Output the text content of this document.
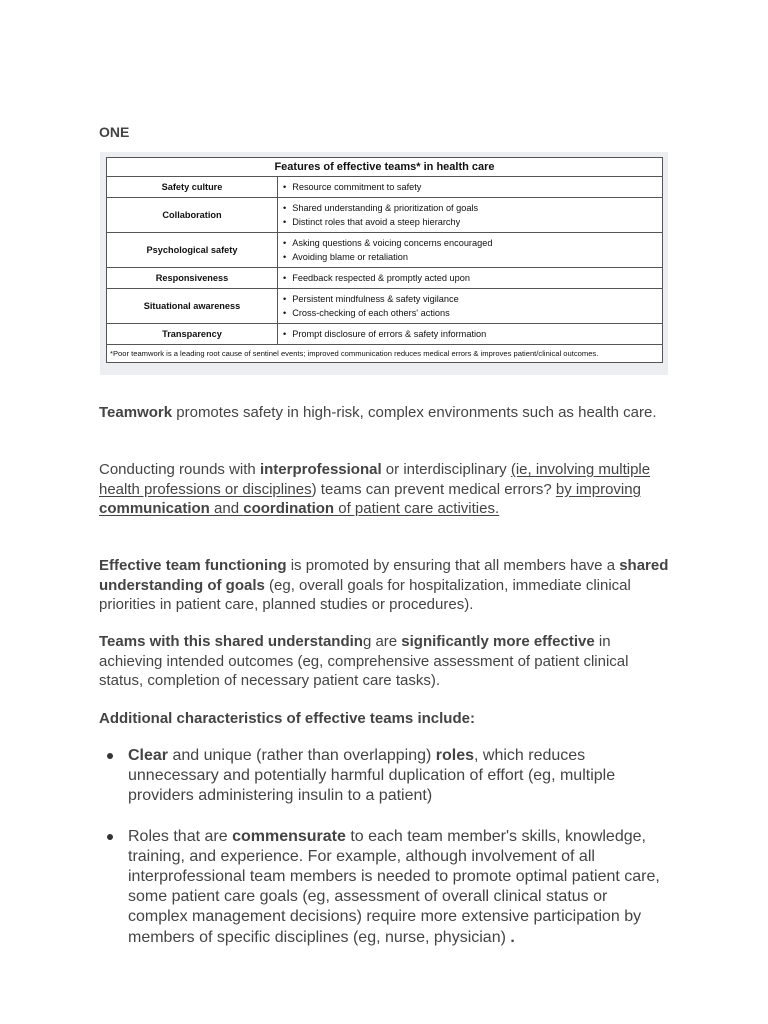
ONE
Features of effective teams* in health care	
Safety culture	• Resource commitment to safety

Collaboration	• Shared understanding & prioritization of goals
• Distinct roles that avoid a steep hierarchy

Psychological safety	• Asking questions & voicing concerns encouraged
• Avoiding blame or retaliation

Responsiveness	• Feedback respected & promptly acted upon

Situational awareness	• Persistent mindfulness & safety vigilance
• Cross-checking of each others' actions

Transparency	• Prompt disclosure of errors & safety information

*Poor teamwork is a leading root cause of sentinel events; improved communication reduces medical errors & improves patient/clinical outcomes.	
Teamwork promotes safety in high-risk, complex environments such as health care.
Conducting rounds with interprofessional or interdisciplinary (ie, involving multiple health professions or disciplines) teams can prevent medical errors? by improving communication and coordination of patient care activities.
Effective team functioning is promoted by ensuring that all members have a shared understanding of goals (eg, overall goals for hospitalization, immediate clinical priorities in patient care, planned studies or procedures).
Teams with this shared understanding are significantly more effective in achieving intended outcomes (eg, comprehensive assessment of patient clinical status, completion of necessary patient care tasks).
Additional characteristics of effective teams include:
Clear and unique (rather than overlapping) roles, which reduces unnecessary and potentially harmful duplication of effort (eg, multiple providers administering insulin to a patient)
Roles that are commensurate to each team member's skills, knowledge, training, and experience. For example, although involvement of all interprofessional team members is needed to promote optimal patient care, some patient care goals (eg, assessment of overall clinical status or complex management decisions) require more extensive participation by members of specific disciplines (eg, nurse, physician) .
